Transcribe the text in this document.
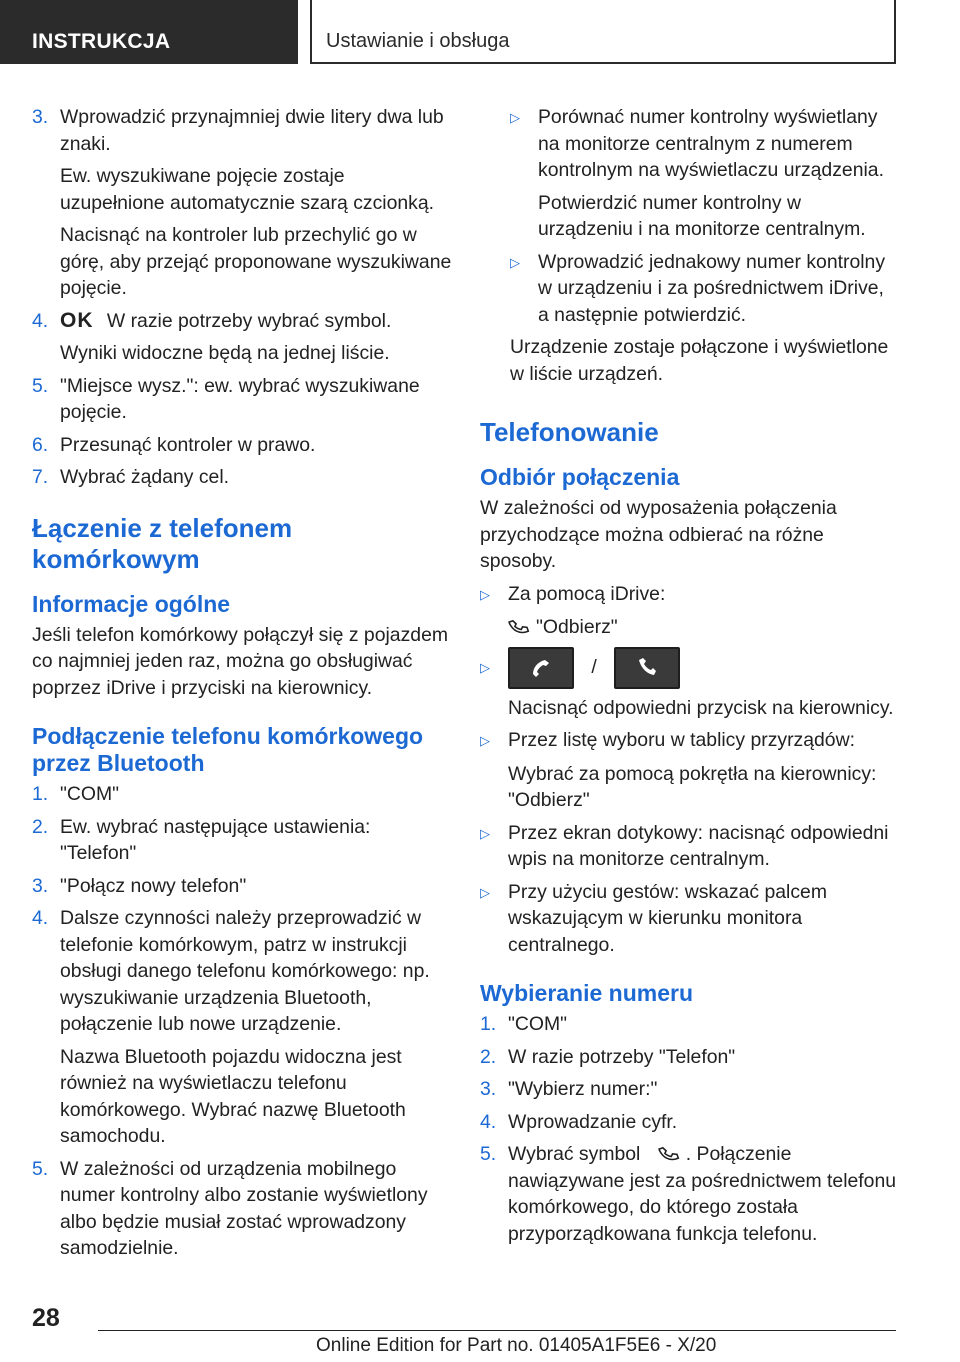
INSTRUKCJA	Ustawianie i obsługa
3. Wprowadzić przynajmniej dwie litery dwa lub znaki.

Ew. wyszukiwane pojęcie zostaje uzupełnione automatycznie szarą czcionką.

Nacisnąć na kontroler lub przechylić go w górę, aby przejąć proponowane wyszukiwane pojęcie.

4. OK W razie potrzeby wybrać symbol.

Wyniki widoczne będą na jednej liście.

5. "Miejsce wysz.": ew. wybrać wyszukiwane pojęcie.
6. Przesunąć kontroler w prawo.
7. Wybrać żądany cel.
Łączenie z telefonem komórkowym
Informacje ogólne

Jeśli telefon komórkowy połączył się z pojazdem co najmniej jeden raz, można go obsługiwać poprzez iDrive i przyciski na kierownicy.

Podłączenie telefonu komórkowego przez Bluetooth
1. "COM"
2. Ew. wybrać następujące ustawienia: "Telefon"
3. "Połącz nowy telefon"
4. Dalsze czynności należy przeprowadzić w telefonie komórkowym, patrz w instrukcji obsługi danego telefonu komórkowego: np. wyszukiwanie urządzenia Bluetooth, połączenie lub nowe urządzenie.

Nazwa Bluetooth pojazdu widoczna jest również na wyświetlaczu telefonu komórkowego. Wybrać nazwę Bluetooth samochodu.

5. W zależności od urządzenia mobilnego numer kontrolny albo zostanie wyświetlony albo będzie musiał zostać wprowadzony samodzielnie.
▷ Porównać numer kontrolny wyświetlany na monitorze centralnym z numerem kontrolnym na wyświetlaczu urządzenia.

Potwierdzić numer kontrolny w urządzeniu i na monitorze centralnym.

▷ Wprowadzić jednakowy numer kontrolny w urządzeniu i za pośrednictwem iDrive, a następnie potwierdzić.

Urządzenie zostaje połączone i wyświetlone w liście urządzeń.

Telefonowanie
Odbiór połączenia

W zależności od wyposażenia połączenia przychodzące można odbierać na różne sposoby.

▷ Za pomocą iDrive:

"Odbierz"

▷	/

Nacisnąć odpowiedni przycisk na kierownicy.

▷ Przez listę wyboru w tablicy przyrządów:

Wybrać za pomocą pokrętła na kierownicy: "Odbierz"

▷ Przez ekran dotykowy: nacisnąć odpowiedni wpis na monitorze centralnym.
▷ Przy użyciu gestów: wskazać palcem wskazującym w kierunku monitora centralnego.
Wybieranie numeru
1. "COM"
2. W razie potrzeby "Telefon"
3. "Wybierz numer:"
4. Wprowadzanie cyfr.
5. Wybrać symbol . Połączenie nawiązywane jest za pośrednictwem telefonu komórkowego, do którego została przyporządkowana funkcja telefonu.
28
Online Edition for Part no. 01405A1F5E6 - X/20
